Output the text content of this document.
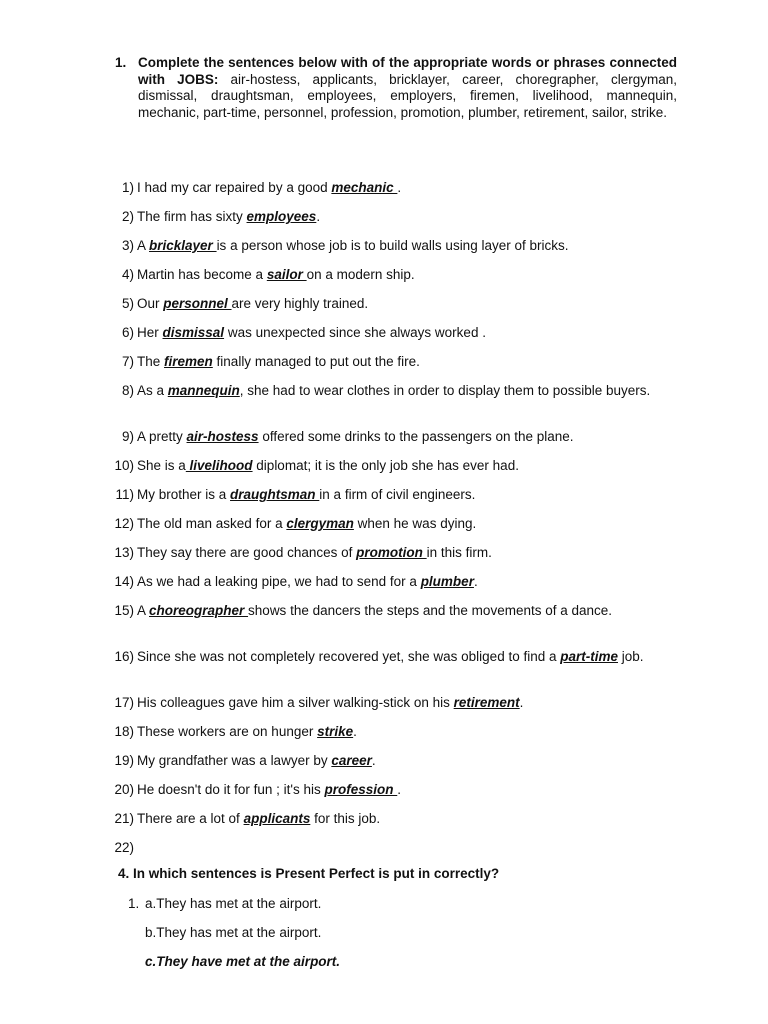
1. Complete the sentences below with of the appropriate words or phrases connected with JOBS: air-hostess, applicants, bricklayer, career, choregrapher, clergyman, dismissal, draughtsman, employees, employers, firemen, livelihood, mannequin, mechanic, part-time, personnel, profession, promotion, plumber, retirement, sailor, strike.
1) I had my car repaired by a good mechanic .
2) The firm has sixty employees.
3) A bricklayer is a person whose job is to build walls using layer of bricks.
4) Martin has become a sailor on a modern ship.
5) Our personnel are very highly trained.
6) Her dismissal was unexpected since she always worked .
7) The firemen finally managed to put out the fire.
8) As a mannequin, she had to wear clothes in order to display them to possible buyers.
9) A pretty air-hostess offered some drinks to the passengers on the plane.
10) She is a livelihood diplomat; it is the only job she has ever had.
11) My brother is a draughtsman in a firm of civil engineers.
12) The old man asked for a clergyman when he was dying.
13) They say there are good chances of promotion in this firm.
14) As we had a leaking pipe, we had to send for a plumber.
15) A choreographer shows the dancers the steps and the movements of a dance.
16) Since she was not completely recovered yet, she was obliged to find a part-time job.
17) His colleagues gave him a silver walking-stick on his retirement.
18) These workers are on hunger strike.
19) My grandfather was a lawyer by career.
20) He doesn't do it for fun ; it's his profession .
21) There are a lot of applicants for this job.
22)
4. In which sentences is Present Perfect is put in correctly?
1. a.They has met at the airport.
b.They has met at the airport.
c.They have met at the airport.
